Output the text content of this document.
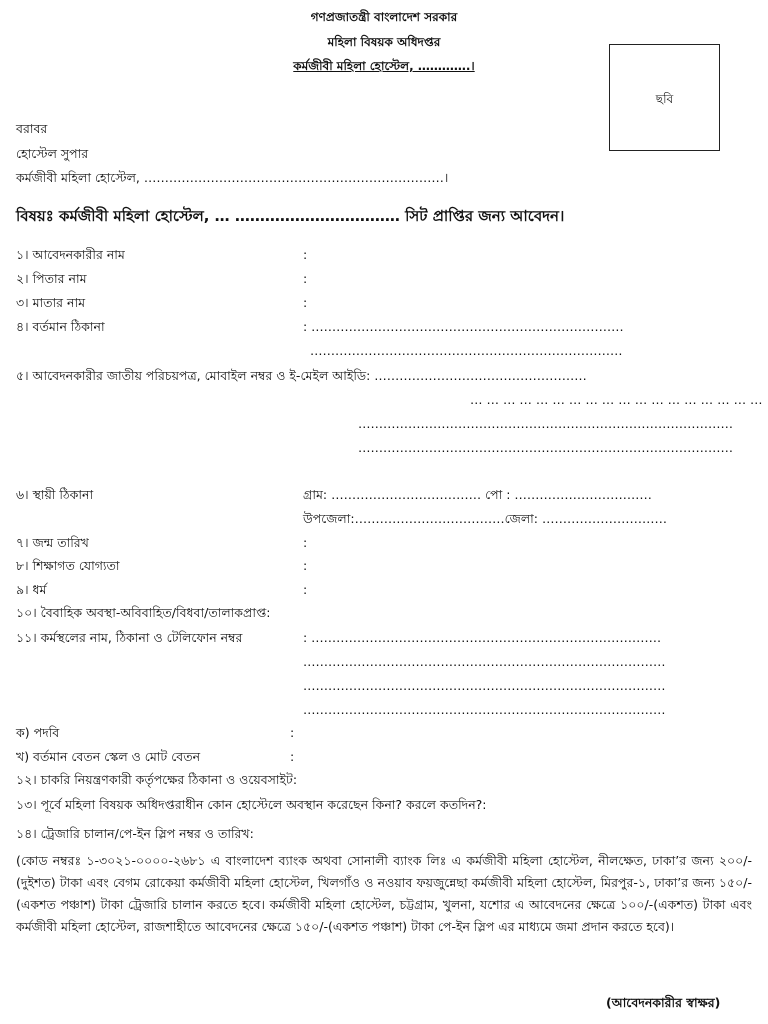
গণপ্রজাতন্ত্রী বাংলাদেশ সরকার
মহিলা বিষয়ক অধিদপ্তর
কর্মজীবী মহিলা হোস্টেল, ………….।
ছবি
বরাবর
হোস্টেল সুপার
কর্মজীবী মহিলা হোস্টেল, ………………………………………………………………।
বিষয়ঃ কর্মজীবী মহিলা হোস্টেল, … …………………………… সিট প্রাপ্তির জন্য আবেদন।
১। আবেদনকারীর নাম	:
২। পিতার নাম	:
৩। মাতার নাম	:
৪। বর্তমান ঠিকানা	: …………………………………………………………………
…………………………………………………………………
৫। আবেদনকারীর জাতীয় পরিচয়পত্র, মোবাইল নম্বর ও ই-মেইল আইডি: ……………………………………………
… … … … … … … … … … … … … … … … … …
………………………………………………………………………………
………………………………………………………………………………
৬। স্থায়ী ঠিকানা	গ্রাম: ……………………………… পো : ……………………………
উপজেলা:………………………………জেলা: …………………………
৭। জন্ম তারিখ	:
৮। শিক্ষাগত যোগ্যতা	:
৯। ধর্ম	:
১০। বৈবাহিক অবস্থা-অবিবাহিত/বিধবা/তালাকপ্রাপ্ত:
১১। কর্মস্থলের নাম, ঠিকানা ও টেলিফোন নম্বর	: …………………………………………………………………………
……………………………………………………………………………
……………………………………………………………………………
……………………………………………………………………………
ক) পদবি	:
খ) বর্তমান বেতন স্কেল ও মোট বেতন	:
১২। চাকরি নিয়ন্ত্রণকারী কর্তৃপক্ষের ঠিকানা ও ওয়েবসাইট:
১৩। পূর্বে মহিলা বিষয়ক অধিদপ্তরাধীন কোন হোস্টেলে অবস্থান করেছেন কিনা? করলে কতদিন?:
১৪। ট্রেজারি চালান/পে-ইন স্লিপ নম্বর ও তারিখ:
(কোড নম্বরঃ ১-৩০২১-০০০০-২৬৮১ এ বাংলাদেশ ব্যাংক অথবা সোনালী ব্যাংক লিঃ এ কর্মজীবী মহিলা হোস্টেল, নীলক্ষেত, ঢাকা’র জন্য ২০০/-(দুইশত) টাকা এবং বেগম রোকেয়া কর্মজীবী মহিলা হোস্টেল, খিলগাঁও ও নওয়াব ফয়জুন্নেছা কর্মজীবী মহিলা হোস্টেল, মিরপুর-১, ঢাকা’র জন্য ১৫০/-(একশত পঞ্চাশ) টাকা ট্রেজারি চালান করতে হবে। কর্মজীবী মহিলা হোস্টেল, চট্টগ্রাম, খুলনা, যশোর এ আবেদনের ক্ষেত্রে ১০০/-(একশত) টাকা এবং কর্মজীবী মহিলা হোস্টেল, রাজশাহীতে আবেদনের ক্ষেত্রে ১৫০/-(একশত পঞ্চাশ) টাকা পে-ইন স্লিপ এর মাধ্যমে জমা প্রদান করতে হবে)।
(আবেদনকারীর স্বাক্ষর)
